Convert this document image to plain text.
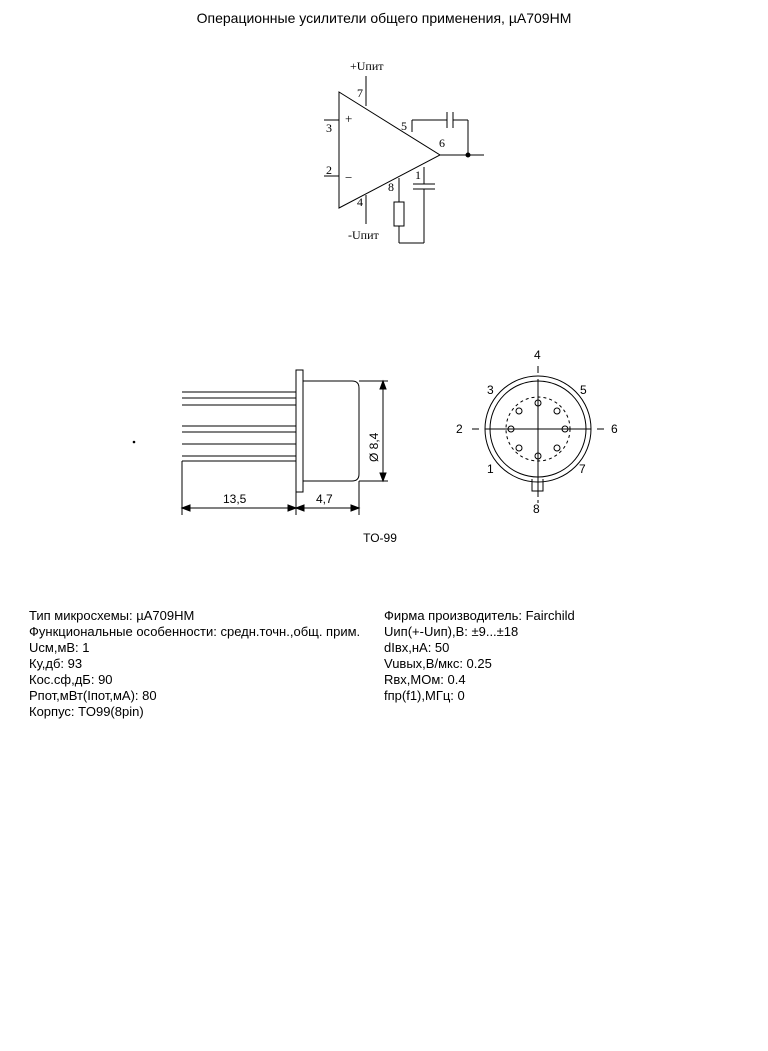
Операционные усилители общего применения, µA709HM
+Uпит
-Uпит
7
3
2
5
6
8
1
4
+
−
13,5	4,7
Ø 8,4
4
3	5
2	6
1	7
8
TO-99
Тип микросхемы: µA709HM
Функциональные особенности: средн.точн.,общ. прим.
Uсм,мВ: 1
Ку,дб: 93
Кос.сф,дБ: 90
Рпот,мВт(Iпот,мА): 80
Корпус: TO99(8pin)
Фирма производитель: Fairchild
Uип(+-Uип),В: ±9...±18
dIвх,нА: 50
Vuвых,В/мкс: 0.25
Rвх,МОм: 0.4
fпр(f1),МГц: 0
